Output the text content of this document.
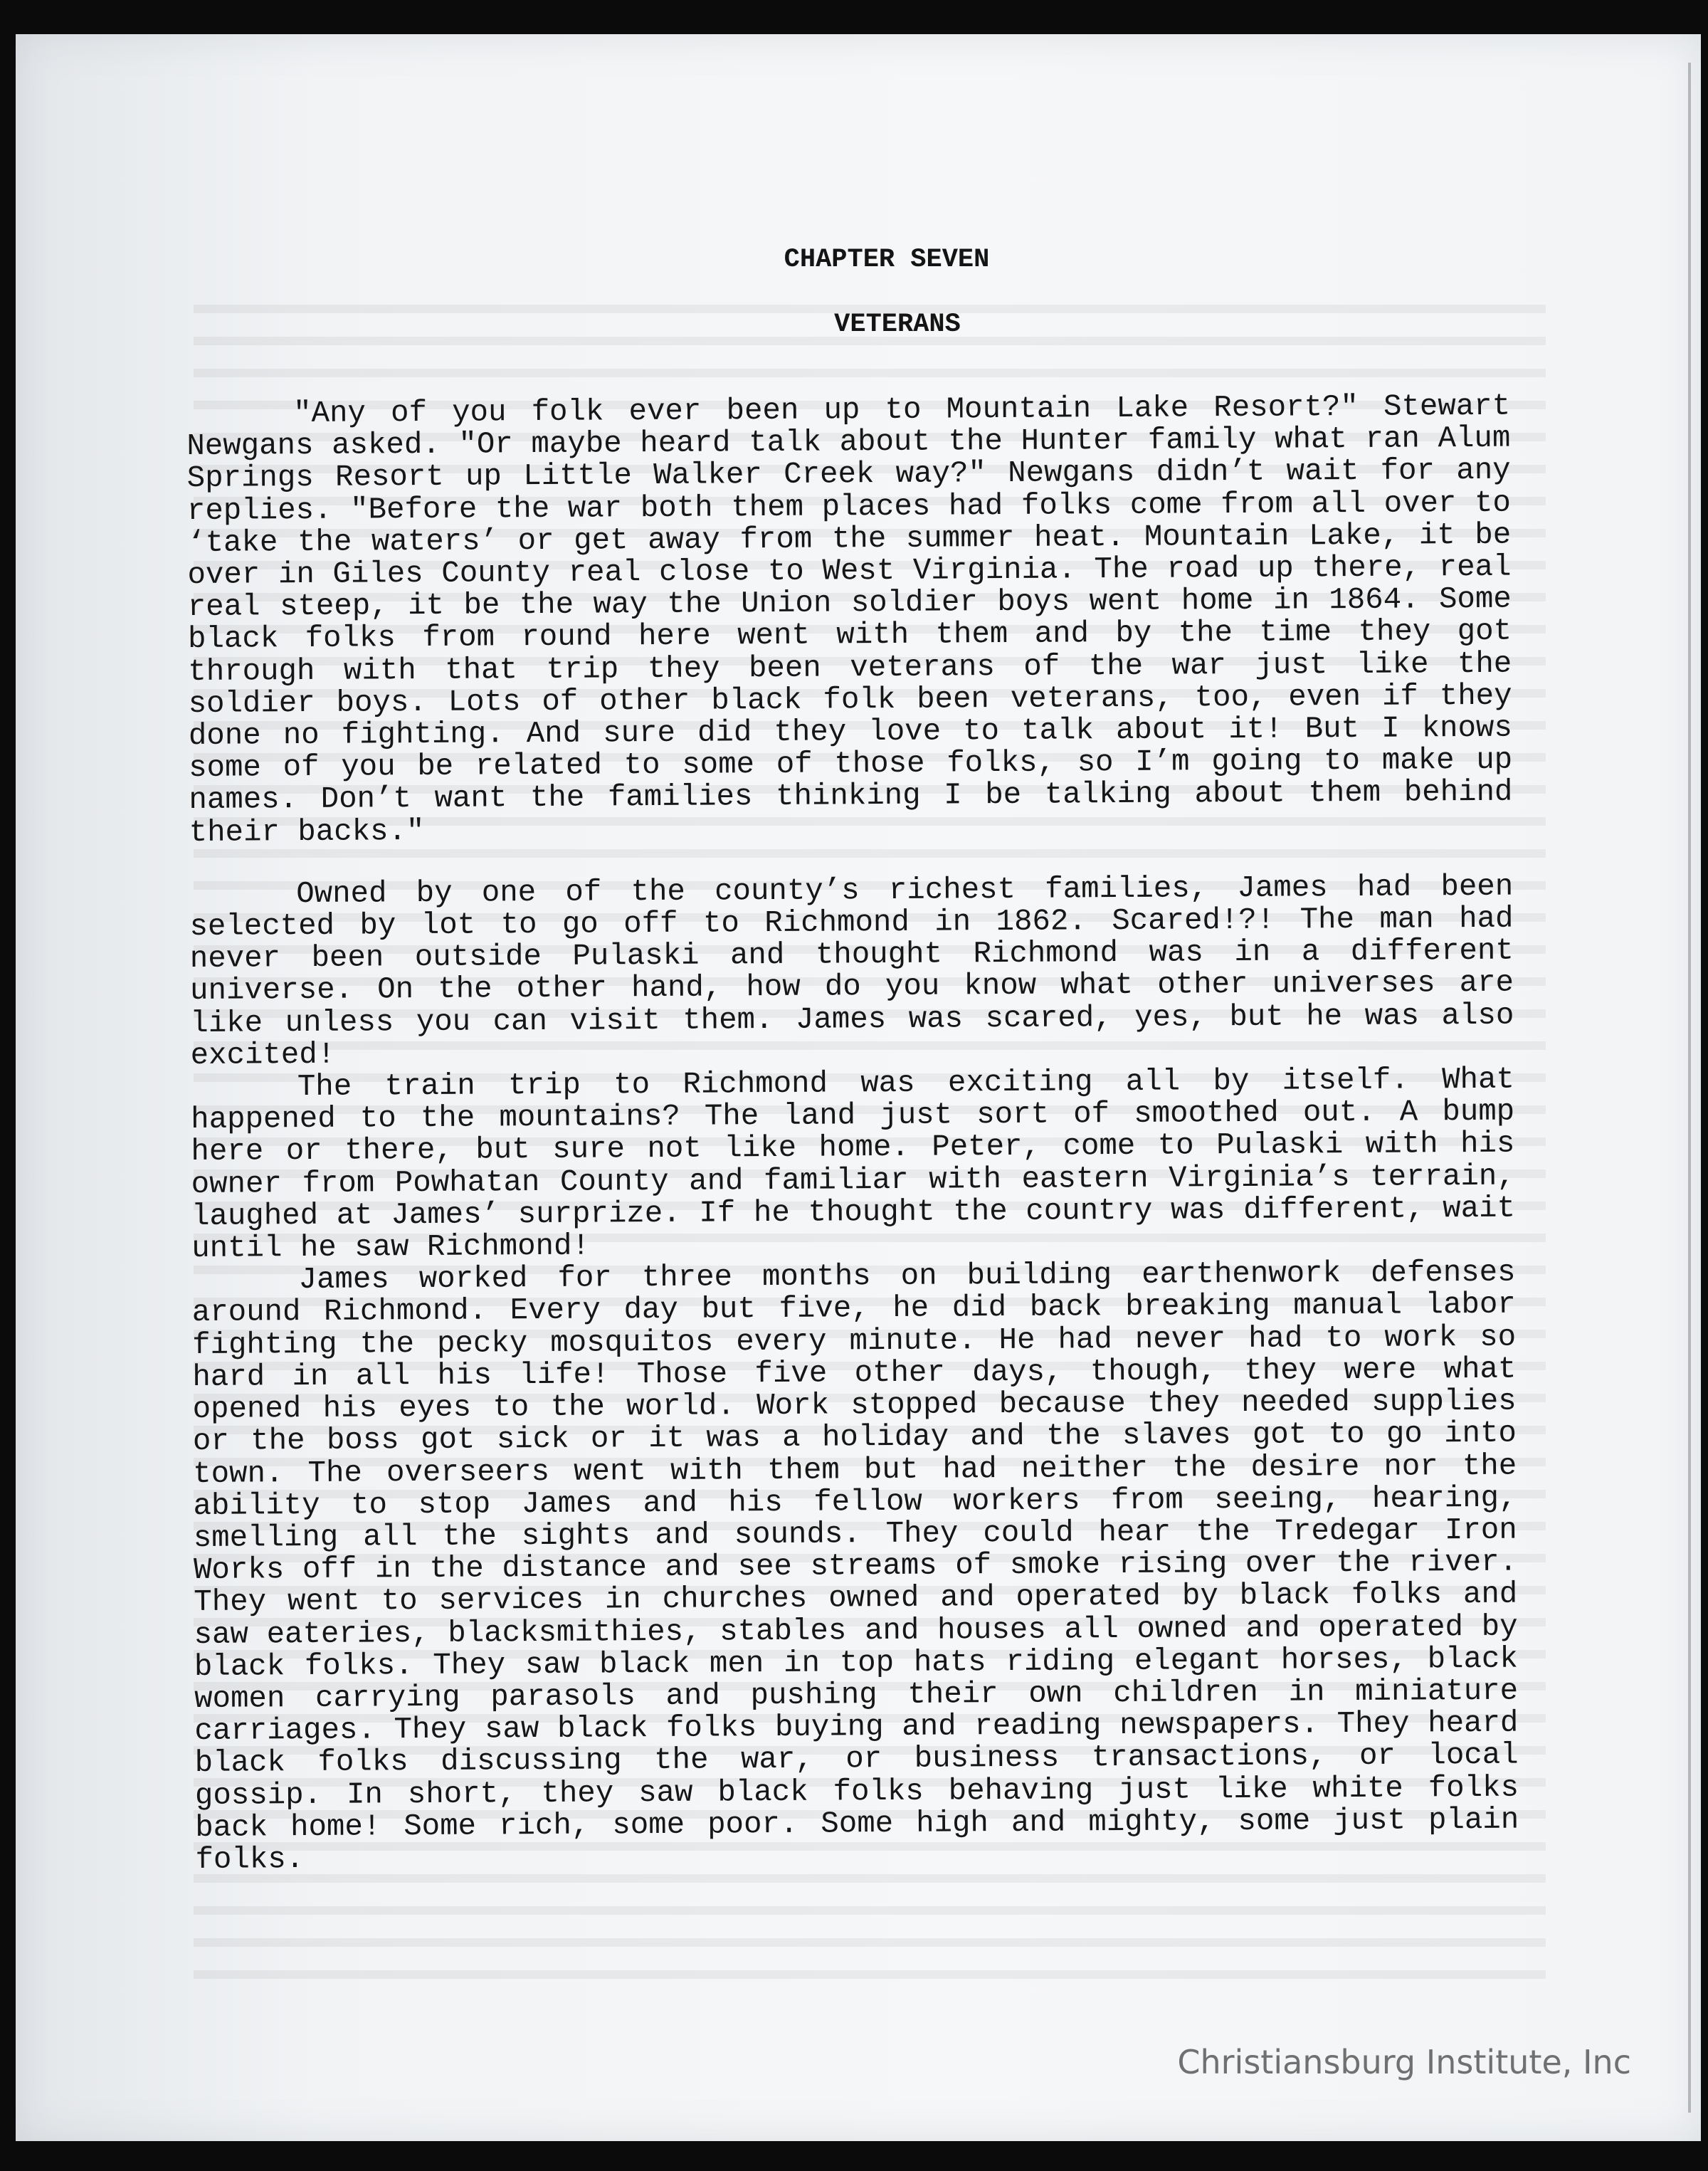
CHAPTER SEVEN
VETERANS

"Any of you folk ever been up to Mountain Lake Resort?" Stewart Newgans asked. "Or maybe heard talk about the Hunter family what ran Alum Springs Resort up Little Walker Creek way?" Newgans didn’t wait for any replies. "Before the war both them places had folks come from all over to ‘take the waters’ or get away from the summer heat. Mountain Lake, it be over in Giles County real close to West Virginia. The road up there, real real steep, it be the way the Union soldier boys went home in 1864. Some black folks from round here went with them and by the time they got through with that trip they been veterans of the war just like the soldier boys. Lots of other black folk been veterans, too, even if they done no fighting. And sure did they love to talk about it! But I knows some of you be related to some of those folks, so I’m going to make up names. Don’t want the families thinking I be talking about them behind their backs."

Owned by one of the county’s richest families, James had been selected by lot to go off to Richmond in 1862. Scared!?! The man had never been outside Pulaski and thought Richmond was in a different universe. On the other hand, how do you know what other universes are like unless you can visit them. James was scared, yes, but he was also excited!

The train trip to Richmond was exciting all by itself. What happened to the mountains? The land just sort of smoothed out. A bump here or there, but sure not like home. Peter, come to Pulaski with his owner from Powhatan County and familiar with eastern Virginia’s terrain, laughed at James’ surprize. If he thought the country was different, wait until he saw Richmond!

James worked for three months on building earthenwork defenses around Richmond. Every day but five, he did back breaking manual labor fighting the pecky mosquitos every minute. He had never had to work so hard in all his life! Those five other days, though, they were what opened his eyes to the world. Work stopped because they needed supplies or the boss got sick or it was a holiday and the slaves got to go into town. The overseers went with them but had neither the desire nor the ability to stop James and his fellow workers from seeing, hearing, smelling all the sights and sounds. They could hear the Tredegar Iron Works off in the distance and see streams of smoke rising over the river. They went to services in churches owned and operated by black folks and saw eateries, blacksmithies, stables and houses all owned and operated by black folks. They saw black men in top hats riding elegant horses, black women carrying parasols and pushing their own children in miniature carriages. They saw black folks buying and reading newspapers. They heard black folks discussing the war, or business transactions, or local gossip. In short, they saw black folks behaving just like white folks back home! Some rich, some poor. Some high and mighty, some just plain folks.

Christiansburg Institute, Inc
